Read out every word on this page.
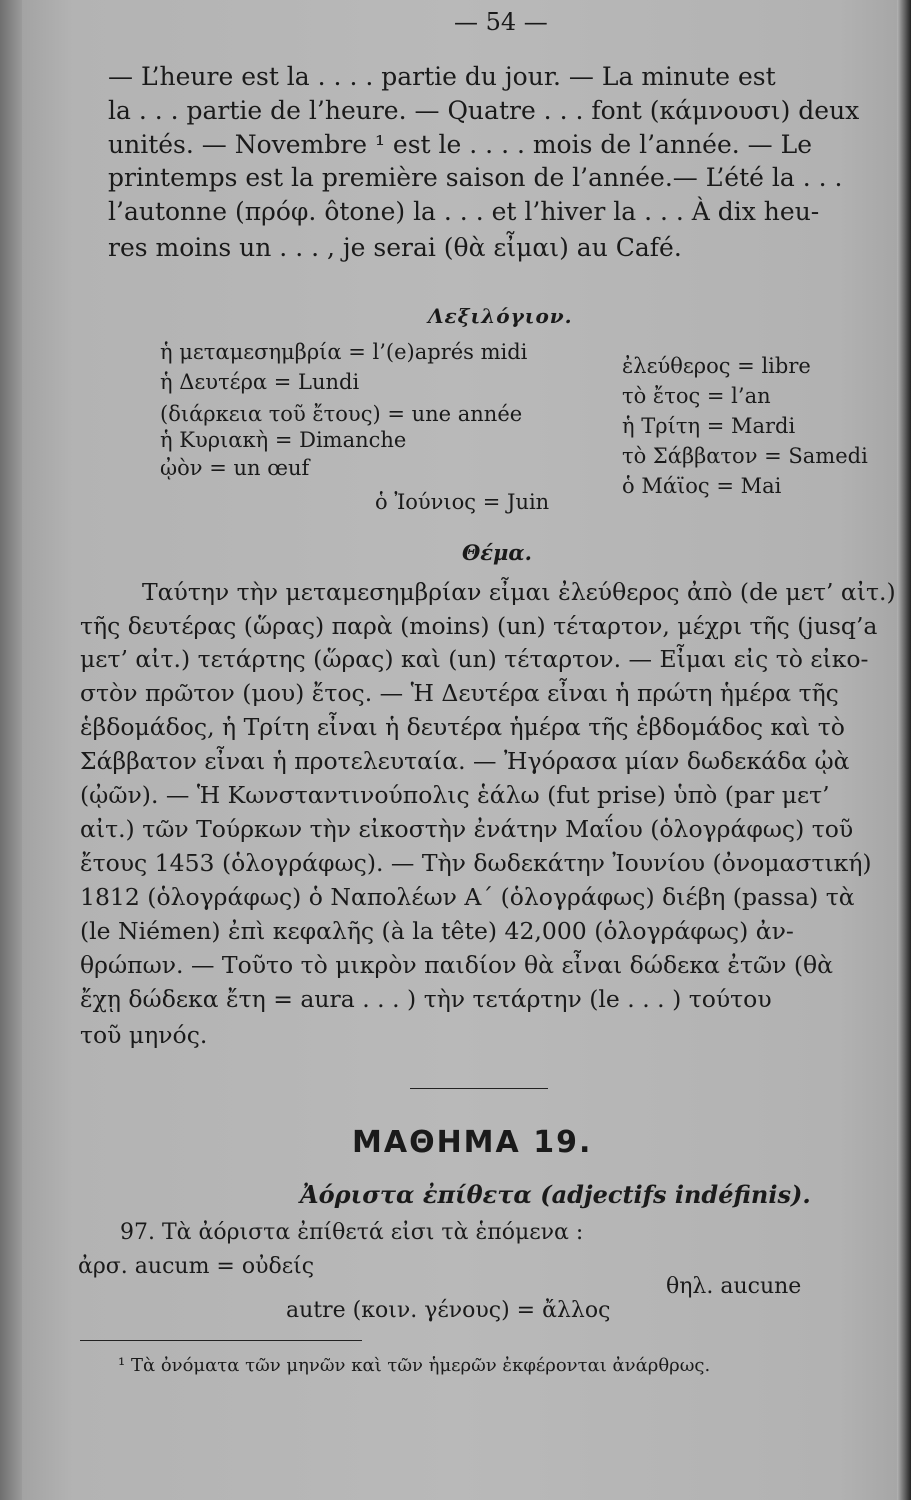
— 54 —
— L’heure est la . . . . partie du jour. — La minute est
la . . . partie de l’heure. — Quatre . . . font (κάμνουσι) deux
unités. — Novembre ¹ est le . . . . mois de l’année. — Le
printemps est la première saison de l’année.— L’été la . . .
l’autonne (πρόφ. ôtone) la . . . et l’hiver la . . . À dix heu-
res moins un . . . , je serai (θὰ εἶμαι) au Café.
Λεξιλόγιον.
ἡ μεταμεσημβρία = l’(e)aprés midi
ἡ Δευτέρα = Lundi
(διάρκεια τοῦ ἔτους) = une année
ἡ Κυριακὴ = Dimanche
ᾠὸν = un œuf
ὁ Ἰούνιος = Juin
ἐλεύθερος = libre
τὸ ἔτος = l’an
ἡ Τρίτη = Mardi
τὸ Σάββατον = Samedi
ὁ Μάϊος = Mai
Θέμα.
Ταύτην τὴν μεταμεσημβρίαν εἶμαι ἐλεύθερος ἀπὸ (de μετ’ αἰτ.)
τῆς δευτέρας (ὥρας) παρὰ (moins) (un) τέταρτον, μέχρι τῆς (jusq’a
μετ’ αἰτ.) τετάρτης (ὥρας) καὶ (un) τέταρτον. — Εἶμαι εἰς τὸ εἰκο-
στὸν πρῶτον (μου) ἔτος. — Ἡ Δευτέρα εἶναι ἡ πρώτη ἡμέρα τῆς
ἑβδομάδος, ἡ Τρίτη εἶναι ἡ δευτέρα ἡμέρα τῆς ἑβδομάδος καὶ τὸ
Σάββατον εἶναι ἡ προτελευταία. — Ἠγόρασα μίαν δωδεκάδα ᾠὰ
(ᾠῶν). — Ἡ Κωνσταντινούπολις ἑάλω (fut prise) ὑπὸ (par μετ’
αἰτ.) τῶν Τούρκων τὴν εἰκοστὴν ἐνάτην Μαΐου (ὁλογράφως) τοῦ
ἔτους 1453 (ὁλογράφως). — Τὴν δωδεκάτην Ἰουνίου (ὀνομαστική)
1812 (ὁλογράφως) ὁ Ναπολέων Α΄ (ὁλογράφως) διέβη (passa) τὰ
(le Niémen) ἐπὶ κεφαλῆς (à la tête) 42,000 (ὁλογράφως) ἀν-
θρώπων. — Τοῦτο τὸ μικρὸν παιδίον θὰ εἶναι δώδεκα ἐτῶν (θὰ
ἔχῃ δώδεκα ἔτη = aura . . . ) τὴν τετάρτην (le . . . ) τούτου
τοῦ μηνός.
ΜΑΘΗΜΑ 19.
Ἀόριστα ἐπίθετα (adjectifs indéfinis).
97. Τὰ ἀόριστα ἐπίθετά εἰσι τὰ ἑπόμενα :
ἀρσ. aucum = οὐδείς
θηλ. aucune
autre (κοιν. γένους) = ἄλλος
¹ Τὰ ὀνόματα τῶν μηνῶν καὶ τῶν ἡμερῶν ἐκφέρονται ἀνάρθρως.
